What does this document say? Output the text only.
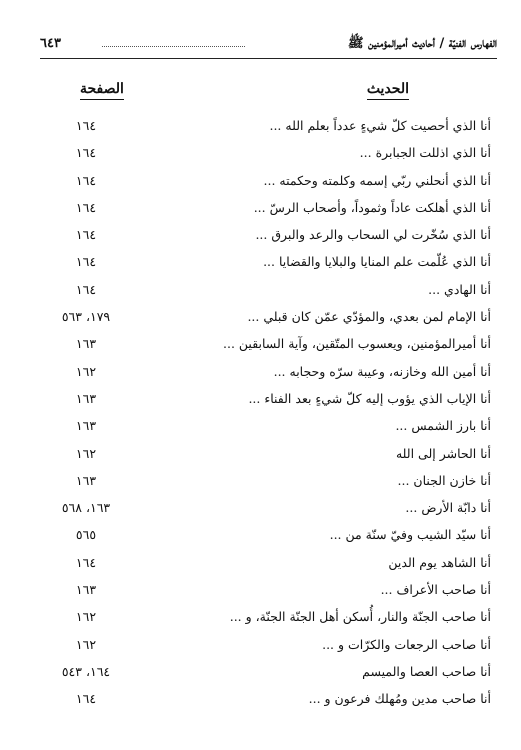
الفهارس الفنيّة / أحاديث أميرالمؤمنين ﷺ
٦٤٣
الحديث
الصفحة
أنا الذي أحصيت كلّ شيءٍ عدداً بعلم الله ...
١٦٤
أنا الذي اذللت الجبابرة ...
١٦٤
أنا الذي أنحلني ربّي إسمه وكلمته وحكمته ...
١٦٤
أنا الذي أهلكت عاداً وثموداً، وأصحاب الرسّ ...
١٦٤
أنا الذي سُخّرت لي السحاب والرعد والبرق ...
١٦٤
أنا الذي عُلّمت علم المنايا والبلايا والقضايا ...
١٦٤
أنا الهادي ...
١٦٤
أنا الإمام لمن بعدي، والمؤدّي عمّن كان قبلي ...
١٧٩، ٥٦٣
أنا أميرالمؤمنين، ويعسوب المتّقين، وآية السابقين ...
١٦٣
أنا أمين الله وخازنه، وعيبة سرّه وحجابه ...
١٦٢
أنا الإياب الذي يؤوب إليه كلّ شيءٍ بعد الفناء ...
١٦٣
أنا بارز الشمس ...
١٦٣
أنا الحاشر إلى الله
١٦٢
أنا خازن الجنان ...
١٦٣
أنا دابّة الأرض ...
١٦٣، ٥٦٨
أنا سيّد الشيب وفيّ سنّة من ...
٥٦٥
أنا الشاهد يوم الدين
١٦٤
أنا صاحب الأعراف ...
١٦٣
أنا صاحب الجنّة والنار، أُسكن أهل الجنّة الجنّة، و ...
١٦٢
أنا صاحب الرجعات والكرّات و ...
١٦٢
أنا صاحب العصا والميسم
١٦٤، ٥٤٣
أنا صاحب مدين ومُهلك فرعون و ...
١٦٤
